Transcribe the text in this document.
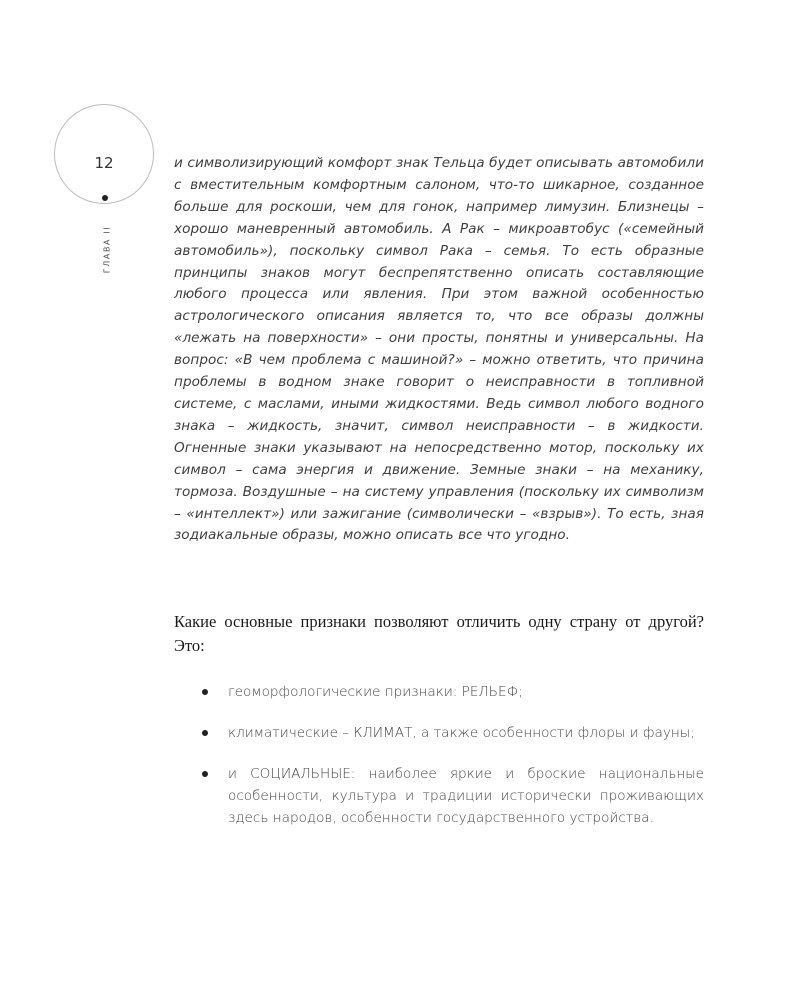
12
ГЛАВА II

и символизирующий комфорт знак Тельца будет описывать автомобили с вместительным комфортным салоном, что-то шикарное, созданное больше для роскоши, чем для гонок, например лимузин. Близнецы – хорошо маневренный автомобиль. А Рак – микроавтобус («семейный автомобиль»), поскольку символ Рака – семья. То есть образные принципы знаков могут беспрепятственно описать составляющие любого процесса или явления. При этом важной особенностью астрологического описания является то, что все образы должны «лежать на поверхности» – они просты, понятны и универсальны. На вопрос: «В чем проблема с машиной?» – можно ответить, что причина проблемы в водном знаке говорит о неисправности в топливной системе, с маслами, иными жидкостями. Ведь символ любого водного знака – жидкость, значит, символ неисправности – в жидкости. Огненные знаки указывают на непосредственно мотор, поскольку их символ – сама энергия и движение. Земные знаки – на механику, тормоза. Воздушные – на систему управления (поскольку их символизм – «интеллект») или зажигание (символически – «взрыв»). То есть, зная зодиакальные образы, можно описать все что угодно.

Какие основные признаки позволяют отличить одну страну от другой? Это:

геоморфологические признаки: РЕЛЬЕФ;
климатические – КЛИМАТ, а также особенности флоры и фауны;
и СОЦИАЛЬНЫЕ: наиболее яркие и броские национальные особенности, культура и традиции исторически проживающих здесь народов, особенности государственного устройства.
